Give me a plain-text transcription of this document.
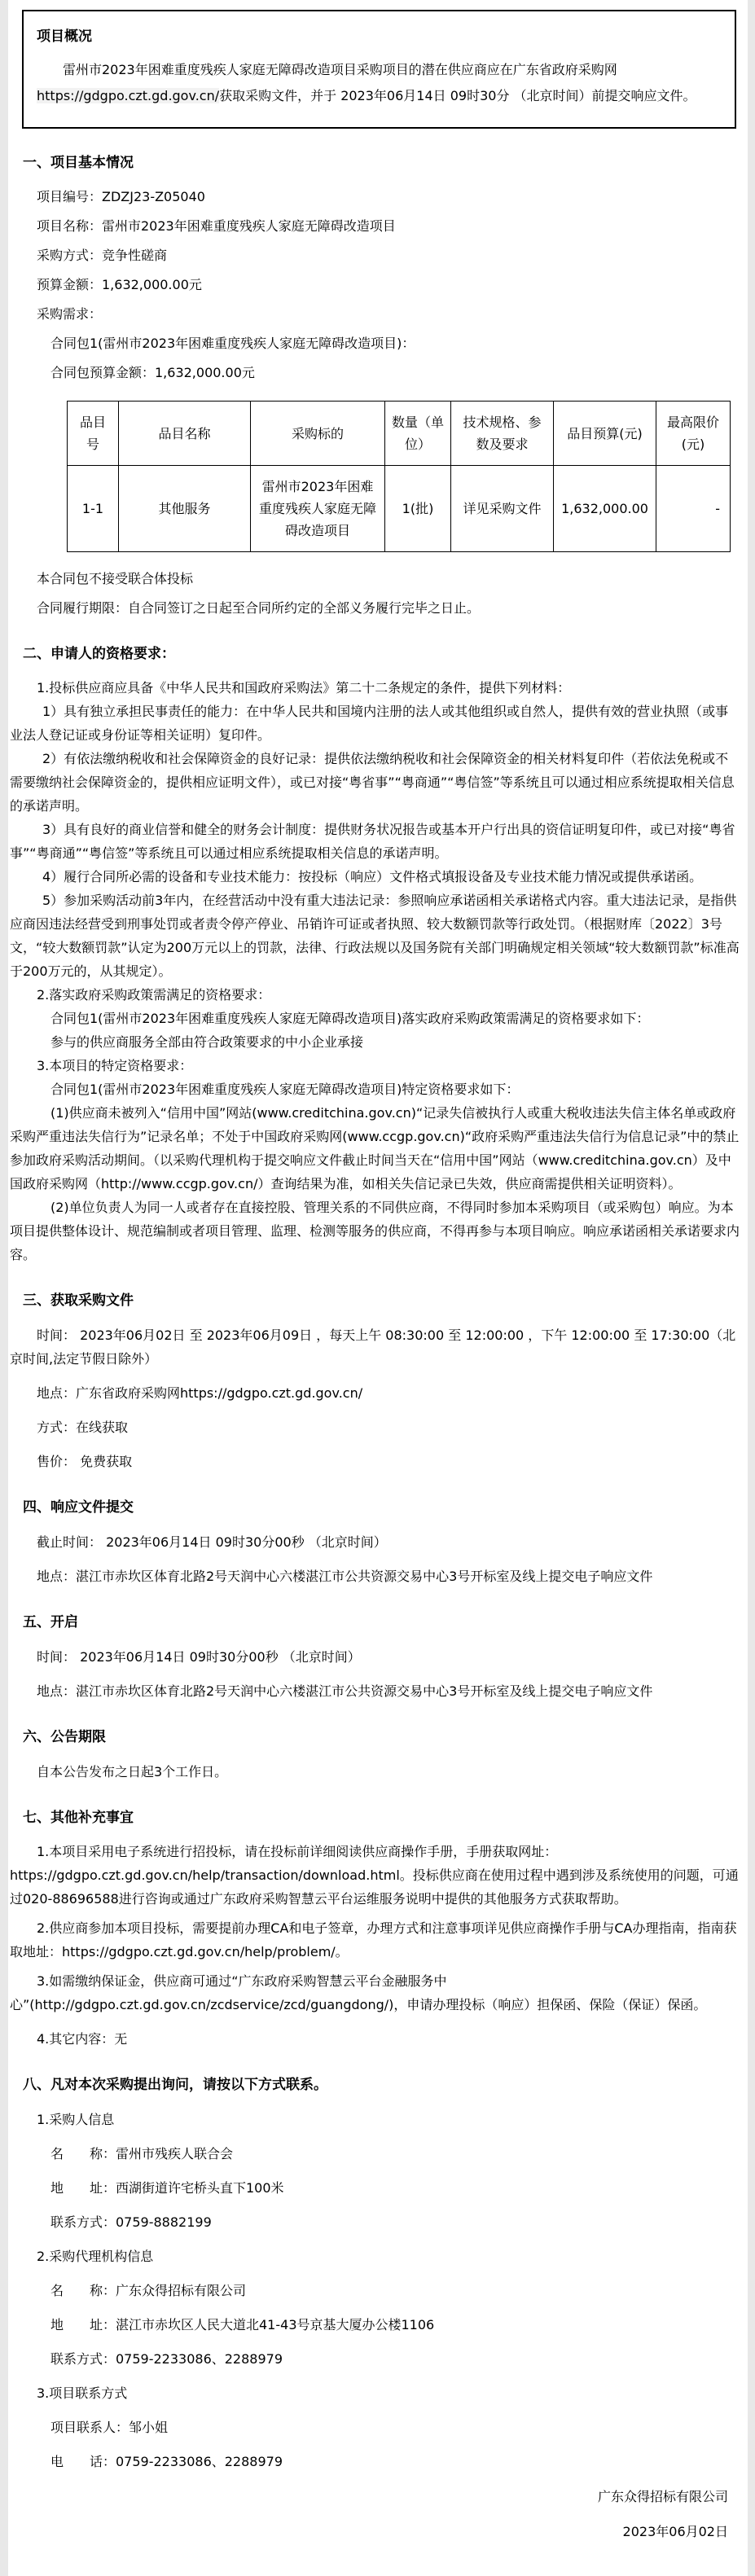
项目概况

雷州市2023年困难重度残疾人家庭无障碍改造项目采购项目的潜在供应商应在广东省政府采购网https://gdgpo.czt.gd.gov.cn/获取采购文件，并于 2023年06月14日 09时30分 （北京时间）前提交响应文件。

一、项目基本情况

项目编号：ZDZJ23-Z05040

项目名称：雷州市2023年困难重度残疾人家庭无障碍改造项目

采购方式：竞争性磋商

预算金额：1,632,000.00元

采购需求：

合同包1(雷州市2023年困难重度残疾人家庭无障碍改造项目)：

合同包预算金额：1,632,000.00元

品目号	品目名称	采购标的	数量（单位）	技术规格、参数及要求	品目预算(元)	最高限价(元)
1-1	其他服务	雷州市2023年困难重度残疾人家庭无障碍改造项目	1(批)	详见采购文件	1,632,000.00	-

本合同包不接受联合体投标

合同履行期限：自合同签订之日起至合同所约定的全部义务履行完毕之日止。

二、申请人的资格要求：

1.投标供应商应具备《中华人民共和国政府采购法》第二十二条规定的条件，提供下列材料：

1）具有独立承担民事责任的能力：在中华人民共和国境内注册的法人或其他组织或自然人，提供有效的营业执照（或事业法人登记证或身份证等相关证明）复印件。

2）有依法缴纳税收和社会保障资金的良好记录：提供依法缴纳税收和社会保障资金的相关材料复印件（若依法免税或不需要缴纳社会保障资金的，提供相应证明文件），或已对接“粤省事”“粤商通”“粤信签”等系统且可以通过相应系统提取相关信息的承诺声明。

3）具有良好的商业信誉和健全的财务会计制度：提供财务状况报告或基本开户行出具的资信证明复印件，或已对接“粤省事”“粤商通”“粤信签”等系统且可以通过相应系统提取相关信息的承诺声明。

4）履行合同所必需的设备和专业技术能力：按投标（响应）文件格式填报设备及专业技术能力情况或提供承诺函。

5）参加采购活动前3年内，在经营活动中没有重大违法记录：参照响应承诺函相关承诺格式内容。重大违法记录，是指供应商因违法经营受到刑事处罚或者责令停产停业、吊销许可证或者执照、较大数额罚款等行政处罚。（根据财库〔2022〕3号文，“较大数额罚款”认定为200万元以上的罚款，法律、行政法规以及国务院有关部门明确规定相关领域“较大数额罚款”标准高于200万元的，从其规定）。

2.落实政府采购政策需满足的资格要求：

合同包1(雷州市2023年困难重度残疾人家庭无障碍改造项目)落实政府采购政策需满足的资格要求如下：

参与的供应商服务全部由符合政策要求的中小企业承接

3.本项目的特定资格要求：

合同包1(雷州市2023年困难重度残疾人家庭无障碍改造项目)特定资格要求如下：

(1)供应商未被列入“信用中国”网站(www.creditchina.gov.cn)“记录失信被执行人或重大税收违法失信主体名单或政府采购严重违法失信行为”记录名单；不处于中国政府采购网(www.ccgp.gov.cn)“政府采购严重违法失信行为信息记录”中的禁止参加政府采购活动期间。（以采购代理机构于提交响应文件截止时间当天在“信用中国”网站（www.creditchina.gov.cn）及中国政府采购网（http://www.ccgp.gov.cn/）查询结果为准，如相关失信记录已失效，供应商需提供相关证明资料）。

(2)单位负责人为同一人或者存在直接控股、管理关系的不同供应商，不得同时参加本采购项目（或采购包）响应。为本项目提供整体设计、规范编制或者项目管理、监理、检测等服务的供应商，不得再参与本项目响应。响应承诺函相关承诺要求内容。

三、获取采购文件

时间： 2023年06月02日 至 2023年06月09日 ，每天上午 08:30:00 至 12:00:00 ，下午 12:00:00 至 17:30:00（北京时间,法定节假日除外）

地点：广东省政府采购网https://gdgpo.czt.gd.gov.cn/

方式：在线获取

售价： 免费获取

四、响应文件提交

截止时间： 2023年06月14日 09时30分00秒 （北京时间）

地点：湛江市赤坎区体育北路2号天润中心六楼湛江市公共资源交易中心3号开标室及线上提交电子响应文件

五、开启

时间： 2023年06月14日 09时30分00秒 （北京时间）

地点：湛江市赤坎区体育北路2号天润中心六楼湛江市公共资源交易中心3号开标室及线上提交电子响应文件

六、公告期限

自本公告发布之日起3个工作日。

七、其他补充事宜

1.本项目采用电子系统进行招投标，请在投标前详细阅读供应商操作手册，手册获取网址：https://gdgpo.czt.gd.gov.cn/help/transaction/download.html。投标供应商在使用过程中遇到涉及系统使用的问题，可通过020-88696588进行咨询或通过广东政府采购智慧云平台运维服务说明中提供的其他服务方式获取帮助。

2.供应商参加本项目投标，需要提前办理CA和电子签章，办理方式和注意事项详见供应商操作手册与CA办理指南，指南获取地址：https://gdgpo.czt.gd.gov.cn/help/problem/。

3.如需缴纳保证金，供应商可通过“广东政府采购智慧云平台金融服务中心”(http://gdgpo.czt.gd.gov.cn/zcdservice/zcd/guangdong/)，申请办理投标（响应）担保函、保险（保证）保函。

4.其它内容：无

八、凡对本次采购提出询问，请按以下方式联系。

1.采购人信息

名　　称：雷州市残疾人联合会

地　　址：西湖街道许宅桥头直下100米

联系方式：0759-8882199

2.采购代理机构信息

名　　称：广东众得招标有限公司

地　　址：湛江市赤坎区人民大道北41-43号京基大厦办公楼1106

联系方式：0759-2233086、2288979

3.项目联系方式

项目联系人：邹小姐

电　　话：0759-2233086、2288979

广东众得招标有限公司

2023年06月02日
